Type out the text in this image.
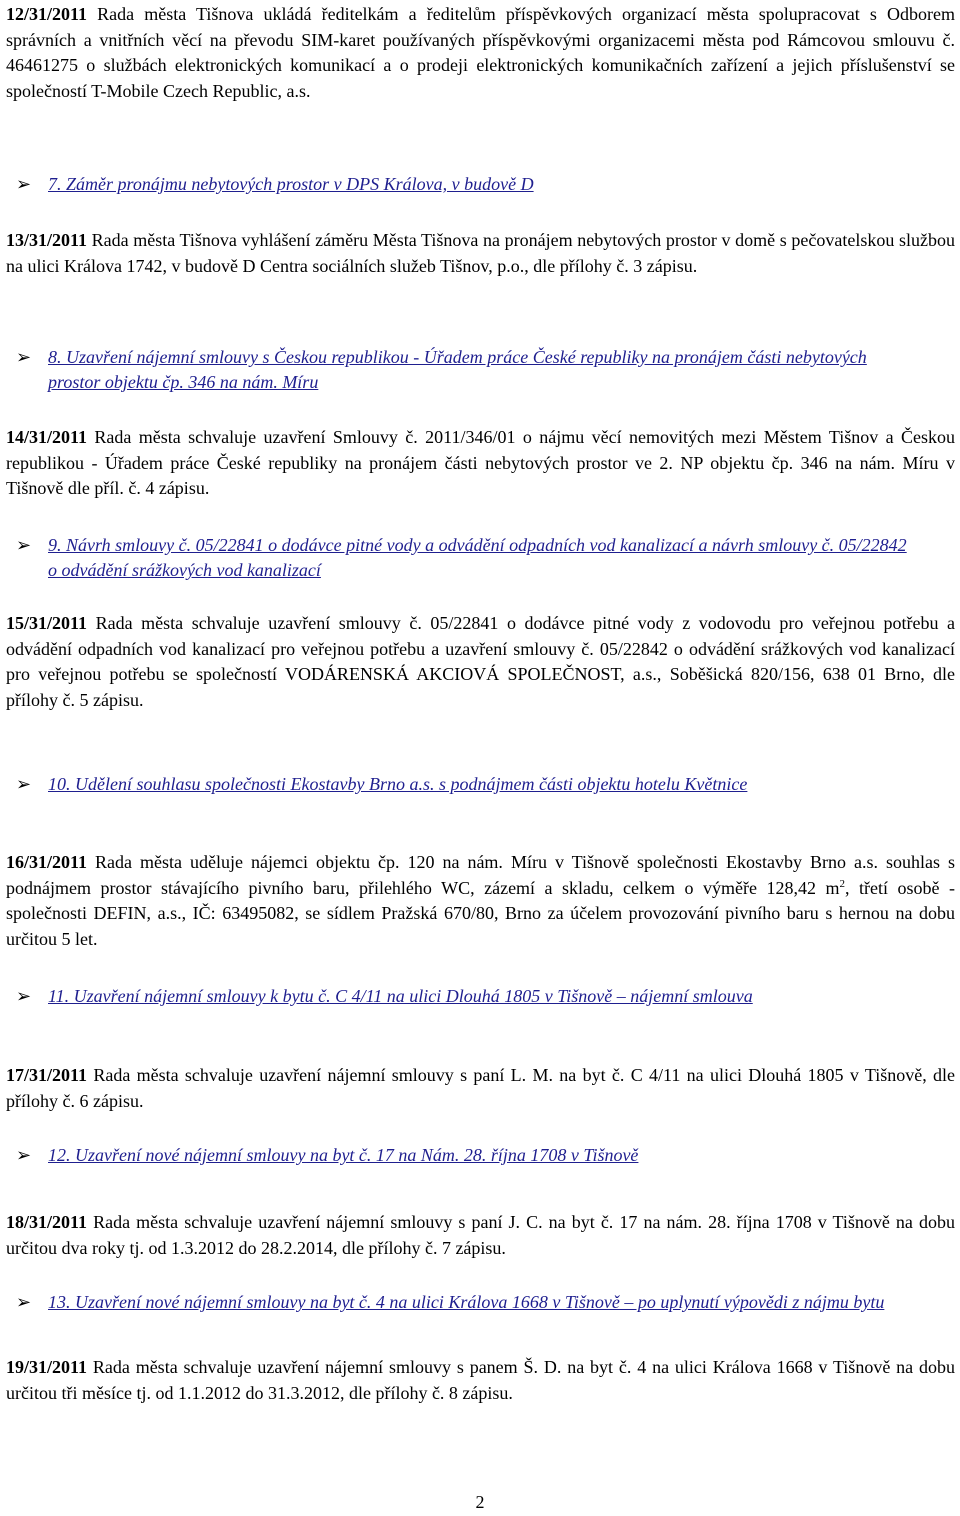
12/31/2011 Rada města Tišnova ukládá ředitelkám a ředitelům příspěvkových organizací města spolupracovat s Odborem správních a vnitřních věcí na převodu SIM-karet používaných příspěvkovými organizacemi města pod Rámcovou smlouvu č. 46461275 o službách elektronických komunikací a o prodeji elektronických komunikačních zařízení a jejich příslušenství se společností T-Mobile Czech Republic, a.s.

➢ 7. Záměr pronájmu nebytových prostor v DPS Králova, v budově D

13/31/2011 Rada města Tišnova vyhlášení záměru Města Tišnova na pronájem nebytových prostor v domě s pečovatelskou službou na ulici Králova 1742, v budově D Centra sociálních služeb Tišnov, p.o., dle přílohy č. 3 zápisu.

➢ 8. Uzavření nájemní smlouvy s Českou republikou - Úřadem práce České republiky na pronájem části nebytových prostor objektu čp. 346 na nám. Míru

14/31/2011 Rada města schvaluje uzavření Smlouvy č. 2011/346/01 o nájmu věcí nemovitých mezi Městem Tišnov a Českou republikou - Úřadem práce České republiky na pronájem části nebytových prostor ve 2. NP objektu čp. 346 na nám. Míru v Tišnově dle příl. č. 4 zápisu.

➢ 9. Návrh smlouvy č. 05/22841 o dodávce pitné vody a odvádění odpadních vod kanalizací a návrh smlouvy č. 05/22842 o odvádění srážkových vod kanalizací

15/31/2011 Rada města schvaluje uzavření smlouvy č. 05/22841 o dodávce pitné vody z vodovodu pro veřejnou potřebu a odvádění odpadních vod kanalizací pro veřejnou potřebu a uzavření smlouvy č. 05/22842 o odvádění srážkových vod kanalizací pro veřejnou potřebu se společností VODÁRENSKÁ AKCIOVÁ SPOLEČNOST, a.s., Soběšická 820/156, 638 01 Brno, dle přílohy č. 5 zápisu.

➢ 10. Udělení souhlasu společnosti Ekostavby Brno a.s. s podnájmem části objektu hotelu Květnice

16/31/2011 Rada města uděluje nájemci objektu čp. 120 na nám. Míru v Tišnově společnosti Ekostavby Brno a.s. souhlas s podnájmem prostor stávajícího pivního baru, přilehlého WC, zázemí a skladu, celkem o výměře 128,42 $m^2$, třetí osobě - společnosti DEFIN, a.s., IČ: 63495082, se sídlem Pražská 670/80, Brno za účelem provozování pivního baru s hernou na dobu určitou 5 let.

➢ 11. Uzavření nájemní smlouvy k bytu č. C 4/11 na ulici Dlouhá 1805 v Tišnově – nájemní smlouva

17/31/2011 Rada města schvaluje uzavření nájemní smlouvy s paní L. M. na byt č. C 4/11 na ulici Dlouhá 1805 v Tišnově, dle přílohy č. 6 zápisu.

➢ 12. Uzavření nové nájemní smlouvy na byt č. 17 na Nám. 28. října 1708 v Tišnově

18/31/2011 Rada města schvaluje uzavření nájemní smlouvy s paní J. C. na byt č. 17 na nám. 28. října 1708 v Tišnově na dobu určitou dva roky tj. od 1.3.2012 do 28.2.2014, dle přílohy č. 7 zápisu.

➢ 13. Uzavření nové nájemní smlouvy na byt č. 4 na ulici Králova 1668 v Tišnově – po uplynutí výpovědi z nájmu bytu

19/31/2011 Rada města schvaluje uzavření nájemní smlouvy s panem Š. D. na byt č. 4 na ulici Králova 1668 v Tišnově na dobu určitou tři měsíce tj. od 1.1.2012 do 31.3.2012, dle přílohy č. 8 zápisu.

2
